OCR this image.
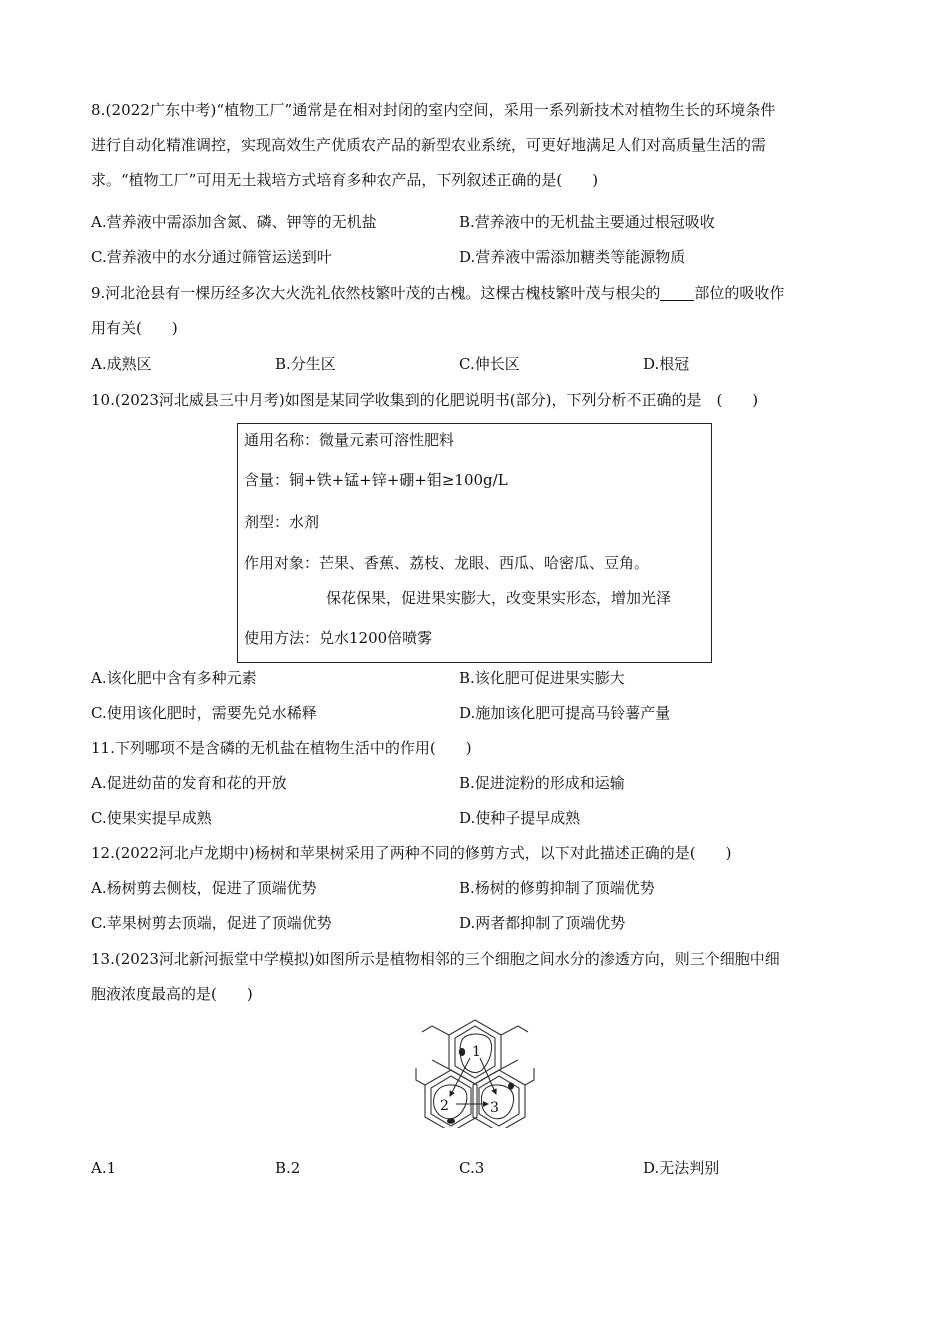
8.(2022广东中考)“植物工厂”通常是在相对封闭的室内空间，采用一系列新技术对植物生长的环境条件

进行自动化精准调控，实现高效生产优质农产品的新型农业系统，可更好地满足人们对高质量生活的需

求。“植物工厂”可用无土栽培方式培育多种农产品，下列叙述正确的是(　　)

A.营养液中需添加含氮、磷、钾等的无机盐	B.营养液中的无机盐主要通过根冠吸收
C.营养液中的水分通过筛管运送到叶	D.营养液中需添加糖类等能源物质

9.河北沧县有一棵历经多次大火洗礼依然枝繁叶茂的古槐。这棵古槐枝繁叶茂与根尖的 部位的吸收作

用有关(　　)

A.成熟区	B.分生区	C.伸长区	D.根冠

10.(2023河北威县三中月考)如图是某同学收集到的化肥说明书(部分)，下列分析不正确的是　(　　)

通用名称：微量元素可溶性肥料
含量：铜+铁+锰+锌+硼+钼≥100g/L
剂型：水剂
作用对象：芒果、香蕉、荔枝、龙眼、西瓜、哈密瓜、豆角。
保花保果，促进果实膨大，改变果实形态，增加光泽
使用方法：兑水1200倍喷雾
A.该化肥中含有多种元素	B.该化肥可促进果实膨大
C.使用该化肥时，需要先兑水稀释	D.施加该化肥可提高马铃薯产量

11.下列哪项不是含磷的无机盐在植物生活中的作用(　　)

A.促进幼苗的发育和花的开放	B.促进淀粉的形成和运输
C.使果实提早成熟	D.使种子提早成熟

12.(2022河北卢龙期中)杨树和苹果树采用了两种不同的修剪方式，以下对此描述正确的是(　　)

A.杨树剪去侧枝，促进了顶端优势	B.杨树的修剪抑制了顶端优势
C.苹果树剪去顶端，促进了顶端优势	D.两者都抑制了顶端优势

13.(2023河北新河振堂中学模拟)如图所示是植物相邻的三个细胞之间水分的渗透方向，则三个细胞中细

胞液浓度最高的是(　　)

1
2	3
A.1	B.2	C.3	D.无法判别
